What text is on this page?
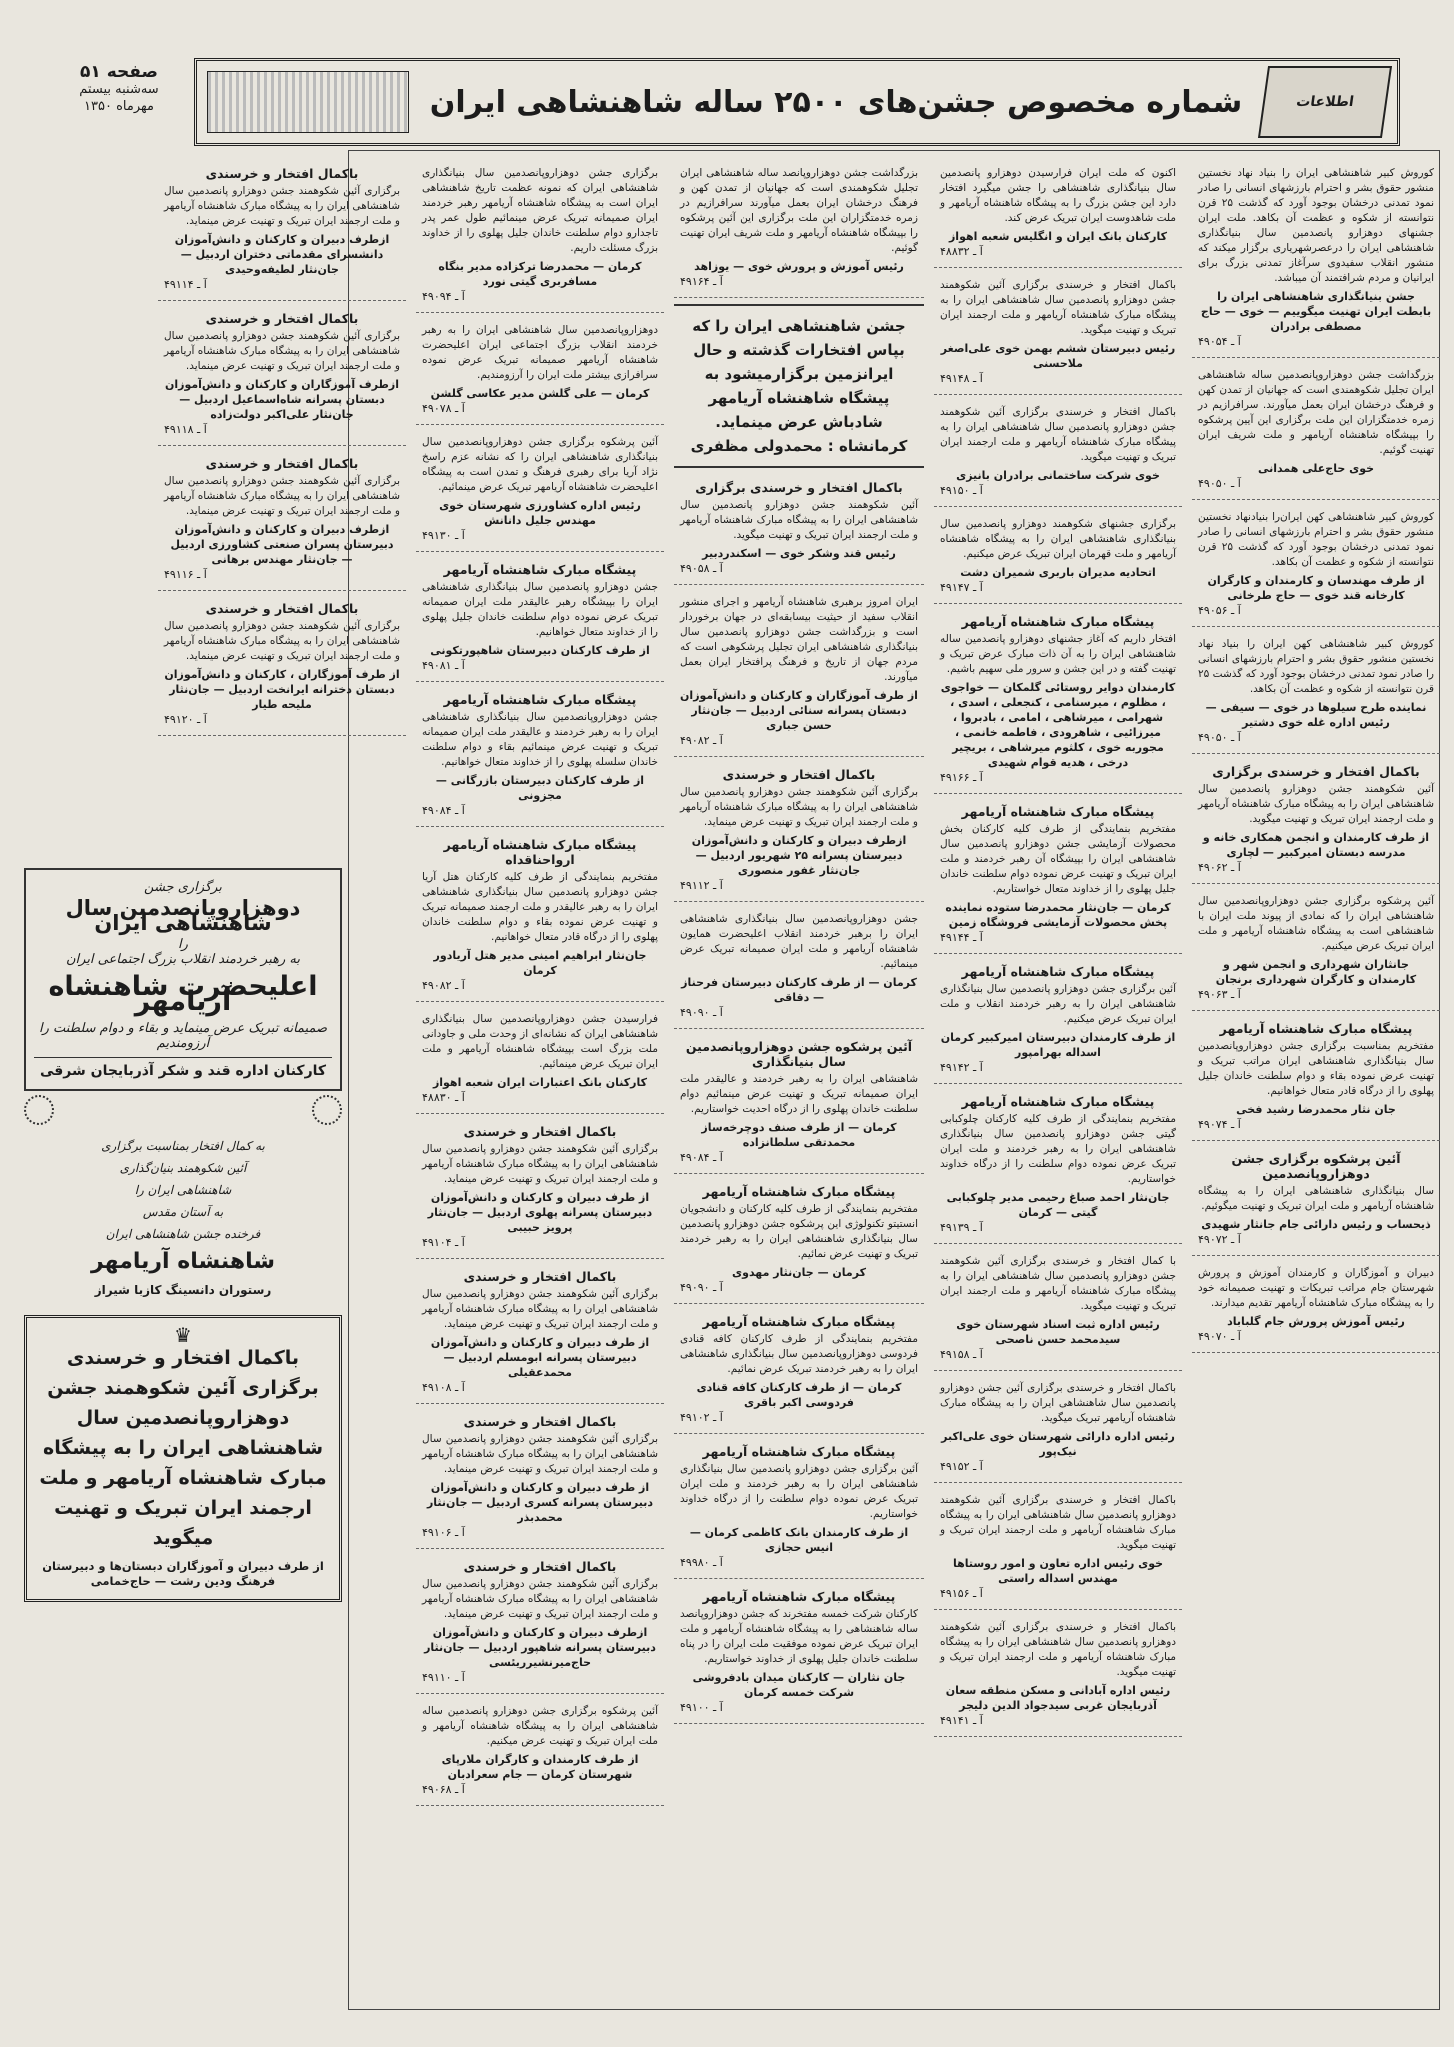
صفحه ۵۱
سه‌شنبه بیستم
مهرماه ۱۳۵۰	اطلاعات
شماره مخصوص جشن‌های ۲۵۰۰ ساله شاهنشاهی ایران

کوروش کبیر شاهنشاهی ایران را بنیاد نهاد نخستین منشور حقوق بشر و احترام بارزشهای انسانی را صادر نمود تمدنی درخشان بوجود آورد که گذشت ۲۵ قرن نتوانسته از شکوه و عظمت آن بکاهد. ملت ایران جشنهای دوهزارو پانصدمین سال بنیانگذاری شاهنشاهی ایران را درعصرشهریاری برگزار میکند که منشور انقلاب سفیدوی سرآغاز تمدنی بزرگ برای ایرانیان و مردم شرافتمند آن میباشد.

جشن بنیانگذاری شاهنشاهی ایران را بابطت ایران تهنیت میگوییم — خوی — حاج مصطفی برادران
آ ـ ۴۹۰۵۴

بزرگداشت جشن دوهزاروپانصدمین ساله شاهنشاهی ایران تجلیل شکوهمندی است که جهانیان از تمدن کهن و فرهنگ درخشان ایران بعمل میآورند. سرافرازیم در زمره خدمتگزاران این ملت برگزاری این آیین پرشکوه را بپیشگاه شاهنشاه آریامهر و ملت شریف ایران تهنیت گوئیم.

خوی حاج‌علی همدانی
آ ـ ۴۹۰۵۰

کوروش کبیر شاهنشاهی کهن ایران‌را بنیادنهاد نخستین منشور حقوق بشر و احترام بارزشهای انسانی را صادر نمود تمدنی درخشان بوجود آورد که گذشت ۲۵ قرن نتوانسته از شکوه و عظمت آن بکاهد.

از طرف مهندسان و کارمندان و کارگران کارخانه قند خوی — حاج طرخانی
آ ـ ۴۹۰۵۶

کوروش کبیر شاهنشاهی کهن ایران را بنیاد نهاد نخستین منشور حقوق بشر و احترام بارزشهای انسانی را صادر نمود تمدنی درخشان بوجود آورد که گذشت ۲۵ قرن نتوانسته از شکوه و عظمت آن بکاهد.

نماینده طرح سیلوها در خوی — سیفی — رئیس اداره غله خوی دشتیر
آ ـ ۴۹۰۵۰
باکمال افتخار و خرسندی برگزاری

آئین شکوهمند جشن دوهزارو پانصدمین سال شاهنشاهی ایران را به پیشگاه مبارک شاهنشاه آریامهر و ملت ارجمند ایران تبریک و تهنیت میگوید.

از طرف کارمندان و انجمن همکاری خانه و مدرسه دبستان امیرکبیر — لچاری
آ ـ ۴۹۰۶۲

آئین پرشکوه برگزاری جشن دوهزاروپانصدمین سال شاهنشاهی ایران را که نمادی از پیوند ملت ایران با شاهنشاهی است به پیشگاه شاهنشاه آریامهر و ملت ایران تبریک عرض میکنیم.

جانثاران شهرداری و انجمن شهر و کارمندان و کارگران شهرداری برنجان
آ ـ ۴۹۰۶۳
پیشگاه مبارک شاهنشاه آریامهر

مفتخریم بمناسبت برگزاری جشن دوهزاروپانصدمین سال بنیانگذاری شاهنشاهی ایران مراتب تبریک و تهنیت عرض نموده بقاء و دوام سلطنت خاندان جلیل پهلوی را از درگاه قادر متعال خواهانیم.

جان نثار محمدرضا رشید فخی
آ ـ ۴۹۰۷۴
آئین پرشکوه برگزاری جشن دوهزاروپانصدمین

سال بنیانگذاری شاهنشاهی ایران را به پیشگاه شاهنشاه آریامهر و ملت ایران تبریک و تهنیت میگوئیم.

ذیحساب و رئیس دارائی جام جانثار شهیدی
آ ـ ۴۹۰۷۲

دبیران و آموزگاران و کارمندان آموزش و پرورش شهرستان جام مراتب تبریکات و تهنیت صمیمانه خود را به پیشگاه مبارک شاهنشاه آریامهر تقدیم میدارند.

رئیس آموزش پرورش جام گلباباد
آ ـ ۴۹۰۷۰

اکنون که ملت ایران فرارسیدن دوهزارو پانصدمین سال بنیانگذاری شاهنشاهی را جشن میگیرد افتخار دارد این جشن بزرگ را به پیشگاه شاهنشاه آریامهر و ملت شاهدوست ایران تبریک عرض کند.

کارکنان بانک ایران و انگلیس شعبه اهواز
آ ـ ۴۸۸۳۲

باکمال افتخار و خرسندی برگزاری آئین شکوهمند جشن دوهزارو پانصدمین سال شاهنشاهی ایران را به پیشگاه مبارک شاهنشاه آریامهر و ملت ارجمند ایران تبریک و تهنیت میگوید.

رئیس دبیرستان ششم بهمن خوی علی‌اصغر ملاحسنی
آ ـ ۴۹۱۴۸

باکمال افتخار و خرسندی برگزاری آئین شکوهمند جشن دوهزارو پانصدمین سال شاهنشاهی ایران را به پیشگاه مبارک شاهنشاه آریامهر و ملت ارجمند ایران تبریک و تهنیت میگوید.

خوی شرکت ساختمانی برادران بانیزی
آ ـ ۴۹۱۵۰

برگزاری جشنهای شکوهمند دوهزارو پانصدمین سال بنیانگذاری شاهنشاهی ایران را به پیشگاه شاهنشاه آریامهر و ملت قهرمان ایران تبریک عرض میکنیم.

اتحادیه مدیران باربری شمیران دشت
آ ـ ۴۹۱۴۷
پیشگاه مبارک شاهنشاه آریامهر

افتخار داریم که آغاز جشنهای دوهزارو پانصدمین ساله شاهنشاهی ایران را به آن ذات مبارک عرض تبریک و تهنیت گفته و در این جشن و سرور ملی سهیم باشیم.

کارمندان دوایر روستائی گلمکان — خواجوی ، مظلوم ، میرسنامی ، کنجعلی ، اسدی ، شهرامی ، میرشاهی ، امامی ، بادبروا ، میرزائیی ، شاهرودی ، فاطمه خانمی ، مجوربه خوی ، کلثوم میرشاهی ، بریچیر درخی ، هدیه قوام شهیدی
آ ـ ۴۹۱۶۶
پیشگاه مبارک شاهنشاه آریامهر

مفتخریم بنمایندگی از طرف کلیه کارکنان بخش محصولات آزمایشی جشن دوهزارو پانصدمین سال شاهنشاهی ایران را بپیشگاه آن رهبر خردمند و ملت ایران تبریک و تهنیت عرض نموده دوام سلطنت خاندان جلیل پهلوی را از خداوند متعال خواستاریم.

کرمان — جان‌نثار محمدرضا ستوده نماینده پخش محصولات آزمایشی فروشگاه زمین
آ ـ ۴۹۱۴۴
پیشگاه مبارک شاهنشاه آریامهر

آئین برگزاری جشن دوهزارو پانصدمین سال بنیانگذاری شاهنشاهی ایران را به رهبر خردمند انقلاب و ملت ایران تبریک عرض میکنیم.

از طرف کارمندان دبیرستان امیرکبیر کرمان اسداله بهرامپور
آ ـ ۴۹۱۴۲
پیشگاه مبارک شاهنشاه آریامهر

مفتخریم بنمایندگی از طرف کلیه کارکنان چلوکبابی گیتی جشن دوهزارو پانصدمین سال بنیانگذاری شاهنشاهی ایران را به رهبر خردمند و ملت ایران تبریک عرض نموده دوام سلطنت را از درگاه خداوند خواستاریم.

جان‌نثار احمد صباغ رحیمی مدیر چلوکبابی گیتی — کرمان
آ ـ ۴۹۱۳۹

با کمال افتخار و خرسندی برگزاری آئین شکوهمند جشن دوهزارو پانصدمین سال شاهنشاهی ایران را به پیشگاه مبارک شاهنشاه آریامهر و ملت ارجمند ایران تبریک و تهنیت میگوید.

رئیس اداره ثبت اسناد شهرستان خوی سیدمحمد حسن ناصحی
آ ـ ۴۹۱۵۸

باکمال افتخار و خرسندی برگزاری آئین جشن دوهزارو پانصدمین سال شاهنشاهی ایران را به پیشگاه مبارک شاهنشاه آریامهر تبریک میگوید.

رئیس اداره دارائی شهرستان خوی علی‌اکبر نیک‌پور
آ ـ ۴۹۱۵۲

باکمال افتخار و خرسندی برگزاری آئین شکوهمند دوهزارو پانصدمین سال شاهنشاهی ایران را به پیشگاه مبارک شاهنشاه آریامهر و ملت ارجمند ایران تبریک و تهنیت میگوید.

خوی رئیس اداره تعاون و امور روستاها مهندس اسداله راستی
آ ـ ۴۹۱۵۶

باکمال افتخار و خرسندی برگزاری آئین شکوهمند دوهزارو پانصدمین سال شاهنشاهی ایران را به پیشگاه مبارک شاهنشاه آریامهر و ملت ارجمند ایران تبریک و تهنیت میگوید.

رئیس اداره آبادانی و مسکن منطقه سعان آذربایجان غربی سیدجواد الدین دلیجر
آ ـ ۴۹۱۴۱

بزرگداشت جشن دوهزاروپانصد ساله شاهنشاهی ایران تجلیل شکوهمندی است که جهانیان از تمدن کهن و فرهنگ درخشان ایران بعمل میآورند سرافرازیم در زمره خدمتگزاران این ملت برگزاری این آئین پرشکوه را بپیشگاه شاهنشاه آریامهر و ملت شریف ایران تهنیت گوئیم.

رئیس آموزش و پرورش خوی — یوزاهد
آ ـ ۴۹۱۶۴
جشن شاهنشاهی ایران را که بپاس افتخارات گذشته و حال ایرانزمین برگزارمیشود به پیشگاه شاهنشاه آریامهر شادباش عرض مینماید.
کرمانشاه : محمدولی مظفری
باکمال افتخار و خرسندی برگزاری

آئین شکوهمند جشن دوهزارو پانصدمین سال شاهنشاهی ایران را به پیشگاه مبارک شاهنشاه آریامهر و ملت ارجمند ایران تبریک و تهنیت میگوید.

رئیس قند وشکر خوی — اسکندردبیر
آ ـ ۴۹۰۵۸

ایران امروز برهبری شاهنشاه آریامهر و اجرای منشور انقلاب سفید از حیثیت بیسابقه‌ای در جهان برخوردار است و بزرگداشت جشن دوهزارو پانصدمین سال بنیانگذاری شاهنشاهی ایران تجلیل پرشکوهی است که مردم جهان از تاریخ و فرهنگ پرافتخار ایران بعمل میآورند.

از طرف آموزگاران و کارکنان و دانش‌آموزان دبستان پسرانه سنائی اردبیل — جان‌نثار حسن جباری
آ ـ ۴۹۰۸۲
باکمال افتخار و خرسندی

برگزاری آئین شکوهمند جشن دوهزارو پانصدمین سال شاهنشاهی ایران را به پیشگاه مبارک شاهنشاه آریامهر و ملت ارجمند ایران تبریک و تهنیت عرض مینماید.

ازطرف دبیران و کارکنان و دانش‌آموزان دبیرستان پسرانه ۲۵ شهریور اردبیل — جان‌نثار غفور منصوری
آ ـ ۴۹۱۱۲

جشن دوهزاروپانصدمین سال بنیانگذاری شاهنشاهی ایران را برهبر خردمند انقلاب اعلیحضرت همایون شاهنشاه آریامهر و ملت ایران صمیمانه تبریک عرض مینمائیم.

کرمان — از طرف کارکنان دبیرستان فرحناز — دقاقی
آ ـ ۴۹۰۹۰
آئین پرشکوه جشن دوهزاروپانصدمین سال بنیانگذاری

شاهنشاهی ایران را به رهبر خردمند و عالیقدر ملت ایران صمیمانه تبریک و تهنیت عرض مینمائیم دوام سلطنت خاندان پهلوی را از درگاه احدیت خواستاریم.

کرمان — از طرف صنف دوچرخه‌ساز محمدتقی سلطانزاده
آ ـ ۴۹۰۸۴
پیشگاه مبارک شاهنشاه آریامهر

مفتخریم بنمایندگی از طرف کلیه کارکنان و دانشجویان انستیتو تکنولوژی این پرشکوه جشن دوهزارو پانصدمین سال بنیانگذاری شاهنشاهی ایران را به رهبر خردمند تبریک و تهنیت عرض نمائیم.

کرمان — جان‌نثار مهدوی
آ ـ ۴۹۰۹۰
پیشگاه مبارک شاهنشاه آریامهر

مفتخریم بنمایندگی از طرف کارکنان کافه قنادی فردوسی دوهزاروپانصدمین سال بنیانگذاری شاهنشاهی ایران را به رهبر خردمند تبریک عرض نمائیم.

کرمان — از طرف کارکنان کافه قنادی فردوسی اکبر باقری
آ ـ ۴۹۱۰۲
پیشگاه مبارک شاهنشاه آریامهر

آئین برگزاری جشن دوهزارو پانصدمین سال بنیانگذاری شاهنشاهی ایران را به رهبر خردمند و ملت ایران تبریک عرض نموده دوام سلطنت را از درگاه خداوند خواستاریم.

از طرف کارمندان بانک کاظمی کرمان — انیس حجازی
آ ـ ۴۹۹۸۰
پیشگاه مبارک شاهنشاه آریامهر

کارکنان شرکت خمسه مفتخرند که جشن دوهزاروپانصد ساله شاهنشاهی را به پیشگاه شاهنشاه آریامهر و ملت ایران تبریک عرض نموده موفقیت ملت ایران را در پناه سلطنت خاندان جلیل پهلوی از خداوند خواستاریم.

جان نثاران — کارکنان میدان بادفروشی شرکت خمسه کرمان
آ ـ ۴۹۱۰۰

برگزاری جشن دوهزاروپانصدمین سال بنیانگذاری شاهنشاهی ایران که نمونه عظمت تاریخ شاهنشاهی ایران است به پیشگاه شاهنشاه آریامهر رهبر خردمند ایران صمیمانه تبریک عرض مینمائیم طول عمر پدر تاجدارو دوام سلطنت خاندان جلیل پهلوی را از خداوند بزرگ مسئلت داریم.

کرمان — محمدرضا ترکزاده مدیر بنگاه مسافربری گیتی نورد
آ ـ ۴۹۰۹۴

دوهزاروپانصدمین سال شاهنشاهی ایران را به رهبر خردمند انقلاب بزرگ اجتماعی ایران اعلیحضرت شاهنشاه آریامهر صمیمانه تبریک عرض نموده سرافرازی بیشتر ملت ایران را آرزومندیم.

کرمان — علی گلشن مدیر عکاسی گلشن
آ ـ ۴۹۰۷۸

آئین پرشکوه برگزاری جشن دوهزاروپانصدمین سال بنیانگذاری شاهنشاهی ایران را که نشانه عزم راسخ نژاد آریا برای رهبری فرهنگ و تمدن است به پیشگاه اعلیحضرت شاهنشاه آریامهر تبریک عرض مینمائیم.

رئیس اداره کشاورزی شهرستان خوی مهندس جلیل دانانش
آ ـ ۴۹۱۳۰
پیشگاه مبارک شاهنشاه آریامهر

جشن دوهزارو پانصدمین سال بنیانگذاری شاهنشاهی ایران را بپیشگاه رهبر عالیقدر ملت ایران صمیمانه تبریک عرض نموده دوام سلطنت خاندان جلیل پهلوی را از خداوند متعال خواهانیم.

از طرف کارکنان دبیرستان شاهپورتکونی
آ ـ ۴۹۰۸۱
پیشگاه مبارک شاهنشاه آریامهر

جشن دوهزاروپانصدمین سال بنیانگذاری شاهنشاهی ایران را به رهبر خردمند و عالیقدر ملت ایران صمیمانه تبریک و تهنیت عرض مینمائیم بقاء و دوام سلطنت خاندان سلسله پهلوی را از خداوند متعال خواهانیم.

از طرف کارکنان دبیرستان بازرگانی — مجزونی
آ ـ ۴۹۰۸۴
پیشگاه مبارک شاهنشاه آریامهر ارواحناقداه

مفتخریم بنمایندگی از طرف کلیه کارکنان هتل آریا جشن دوهزارو پانصدمین سال بنیانگذاری شاهنشاهی ایران را به رهبر عالیقدر و ملت ارجمند صمیمانه تبریک و تهنیت عرض نموده بقاء و دوام سلطنت خاندان پهلوی را از درگاه قادر متعال خواهانیم.

جان‌نثار ابراهیم امینی مدیر هتل آریادور کرمان
آ ـ ۴۹۰۸۲

فرارسیدن جشن دوهزاروپانصدمین سال بنیانگذاری شاهنشاهی ایران که نشانه‌ای از وحدت ملی و جاودانی ملت بزرگ است بپیشگاه شاهنشاه آریامهر و ملت ایران تبریک عرض مینمائیم.

کارکنان بانک اعتبارات ایران شعبه اهواز
آ ـ ۴۸۸۳۰
باکمال افتخار و خرسندی

برگزاری آئین شکوهمند جشن دوهزارو پانصدمین سال شاهنشاهی ایران را به پیشگاه مبارک شاهنشاه آریامهر و ملت ارجمند ایران تبریک و تهنیت عرض مینماید.

از طرف دبیران و کارکنان و دانش‌آموزان دبیرستان پسرانه پهلوی اردبیل — جان‌نثار پرویز حبیبی
آ ـ ۴۹۱۰۴
باکمال افتخار و خرسندی

برگزاری آئین شکوهمند جشن دوهزارو پانصدمین سال شاهنشاهی ایران را به پیشگاه مبارک شاهنشاه آریامهر و ملت ارجمند ایران تبریک و تهنیت عرض مینماید.

از طرف دبیران و کارکنان و دانش‌آموزان دبیرستان پسرانه ابومسلم اردبیل — محمدعقیلی
آ ـ ۴۹۱۰۸
باکمال افتخار و خرسندی

برگزاری آئین شکوهمند جشن دوهزارو پانصدمین سال شاهنشاهی ایران را به پیشگاه مبارک شاهنشاه آریامهر و ملت ارجمند ایران تبریک و تهنیت عرض مینماید.

از طرف دبیران و کارکنان و دانش‌آموزان دبیرستان پسرانه کسری اردبیل — جان‌نثار محمدبذر
آ ـ ۴۹۱۰۶
باکمال افتخار و خرسندی

برگزاری آئین شکوهمند جشن دوهزارو پانصدمین سال شاهنشاهی ایران را به پیشگاه مبارک شاهنشاه آریامهر و ملت ارجمند ایران تبریک و تهنیت عرض مینماید.

ازطرف دبیران و کارکنان و دانش‌آموزان دبیرستان پسرانه شاهپور اردبیل — جان‌نثار حاج‌میرنشیرریئسی
آ ـ ۴۹۱۱۰

آئین پرشکوه برگزاری جشن دوهزارو پانصدمین ساله شاهنشاهی ایران را به پیشگاه شاهنشاه آریامهر و ملت ایران تبریک و تهنیت عرض میکنیم.

از طرف کارمندان و کارگران ملارپای شهرستان کرمان — جام سعرادبان
آ ـ ۴۹۰۶۸
باکمال افتخار و خرسندی

برگزاری آئین شکوهمند جشن دوهزارو پانصدمین سال شاهنشاهی ایران را به پیشگاه مبارک شاهنشاه آریامهر و ملت ارجمند ایران تبریک و تهنیت عرض مینماید.

ازطرف دبیران و کارکنان و دانش‌آموزان دانشسرای مقدماتی دختران اردبیل — جان‌نثار لطیفه‌وحیدی
آ ـ ۴۹۱۱۴
باکمال افتخار و خرسندی

برگزاری آئین شکوهمند جشن دوهزارو پانصدمین سال شاهنشاهی ایران را به پیشگاه مبارک شاهنشاه آریامهر و ملت ارجمند ایران تبریک و تهنیت عرض مینماید.

ازطرف آموزگاران و کارکنان و دانش‌آموزان دبستان پسرانه شاه‌اسماعیل اردبیل — جان‌نثار علی‌اکبر دولت‌زاده
آ ـ ۴۹۱۱۸
باکمال افتخار و خرسندی

برگزاری آئین شکوهمند جشن دوهزارو پانصدمین سال شاهنشاهی ایران را به پیشگاه مبارک شاهنشاه آریامهر و ملت ارجمند ایران تبریک و تهنیت عرض مینماید.

ازطرف دبیران و کارکنان و دانش‌آموزان دبیرستان پسران صنعتی کشاورزی اردبیل — جان‌نثار مهندس برهانی
آ ـ ۴۹۱۱۶
باکمال افتخار و خرسندی

برگزاری آئین شکوهمند جشن دوهزارو پانصدمین سال شاهنشاهی ایران را به پیشگاه مبارک شاهنشاه آریامهر و ملت ارجمند ایران تبریک و تهنیت عرض مینماید.

از طرف آموزگاران ، کارکنان و دانش‌آموزان دبستان دخترانه ایرانخت اردبیل — جان‌نثار ملیحه طیار
آ ـ ۴۹۱۲۰
برگزاری جشن
دوهزاروپانصدمین سال شاهنشاهی ایران
را
به رهبر خردمند انقلاب بزرگ اجتماعی ایران
اعلیحضرت شاهنشاه آریامهر
صمیمانه تبریک عرض مینماید و بقاء و دوام سلطنت را آرزومندیم
کارکنان اداره قند و شکر آذربایجان شرقی
به کمال افتخار بمناسبت برگزاری
آئین شکوهمند بنیان‌گذاری
شاهنشاهی ایران را
به آستان مقدس
فرخنده جشن شاهنشاهی ایران
شاهنشاه آریامهر
رستوران دانسینگ کازبا شیراز
♛
باکمال افتخار و خرسندی برگزاری آئین شکوهمند جشن دوهزاروپانصدمین سال شاهنشاهی ایران را به پیشگاه مبارک شاهنشاه آریامهر و ملت ارجمند ایران تبریک و تهنیت میگوید
از طرف دبیران و آموزگاران دبستان‌ها و دبیرستان فرهنگ ودین رشت — حاج‌خمامی
